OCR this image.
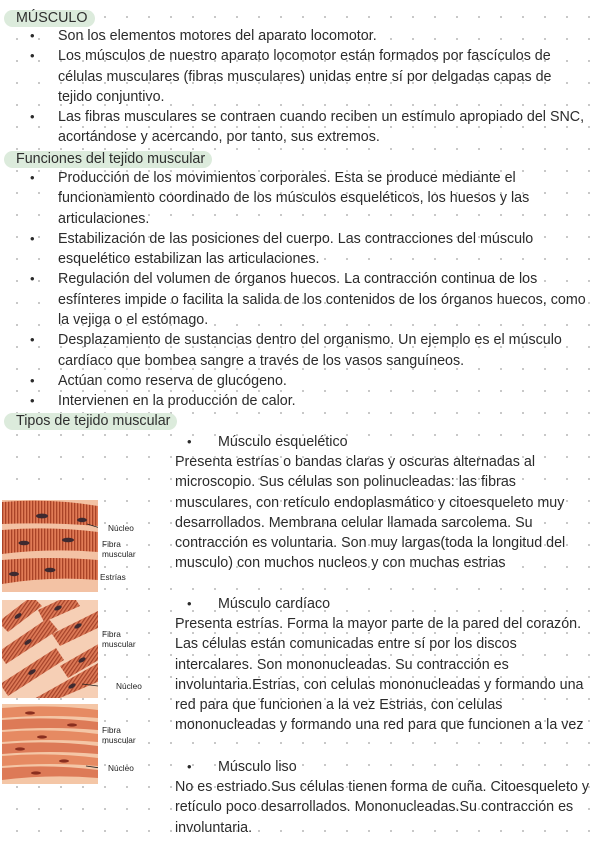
MÚSCULO
• Son los elementos motores del aparato locomotor.
• Los músculos de nuestro aparato locomotor están formados por fascículos de células musculares (fibras musculares) unidas entre sí por delgadas capas de tejido conjuntivo.
• Las fibras musculares se contraen cuando reciben un estímulo apropiado del SNC, acortándose y acercando, por tanto, sus extremos.
Funciones del tejido muscular
• Producción de los movimientos corporales. Esta se produce mediante el funcionamiento coordinado de los músculos esqueléticos, los huesos y las articulaciones.
• Estabilización de las posiciones del cuerpo. Las contracciones del músculo esquelético estabilizan las articulaciones.
• Regulación del volumen de órganos huecos. La contracción continua de los esfínteres impide o facilita la salida de los contenidos de los órganos huecos, como la vejiga o el estómago.
• Desplazamiento de sustancias dentro del organismo. Un ejemplo es el músculo cardíaco que bombea sangre a través de los vasos sanguíneos.
• Actúan como reserva de glucógeno.
• Intervienen en la producción de calor.
Tipos de tejido muscular
• Músculo esquelético
Presenta estrías o bandas claras y oscuras alternadas al microscopio. Sus células son polinucleadas: las fibras musculares, con retículo endoplasmático y citoesqueleto muy desarrollados. Membrana celular llamada sarcolema. Su contracción es voluntaria. Son muy largas(toda la longitud del musculo) con muchos nucleos y con muchas estrias
• Músculo cardíaco
Presenta estrías. Forma la mayor parte de la pared del corazón. Las células están comunicadas entre sí por los discos intercalares. Son mononucleadas. Su contracción es involuntaria.Estrias, con celulas mononucleadas y formando una red para que funcionen a la vez Estrias, con celulas mononucleadas y formando una red para que funcionen a la vez
• Músculo liso
No es estriado.Sus células tienen forma de cuña. Citoesqueleto y retículo poco desarrollados. Mononucleadas.Su contracción es involuntaria.
Núcleo
Fibra
muscular
Estrías
Fibra
muscular
Núcleo
Fibra
muscular
Núcleo
